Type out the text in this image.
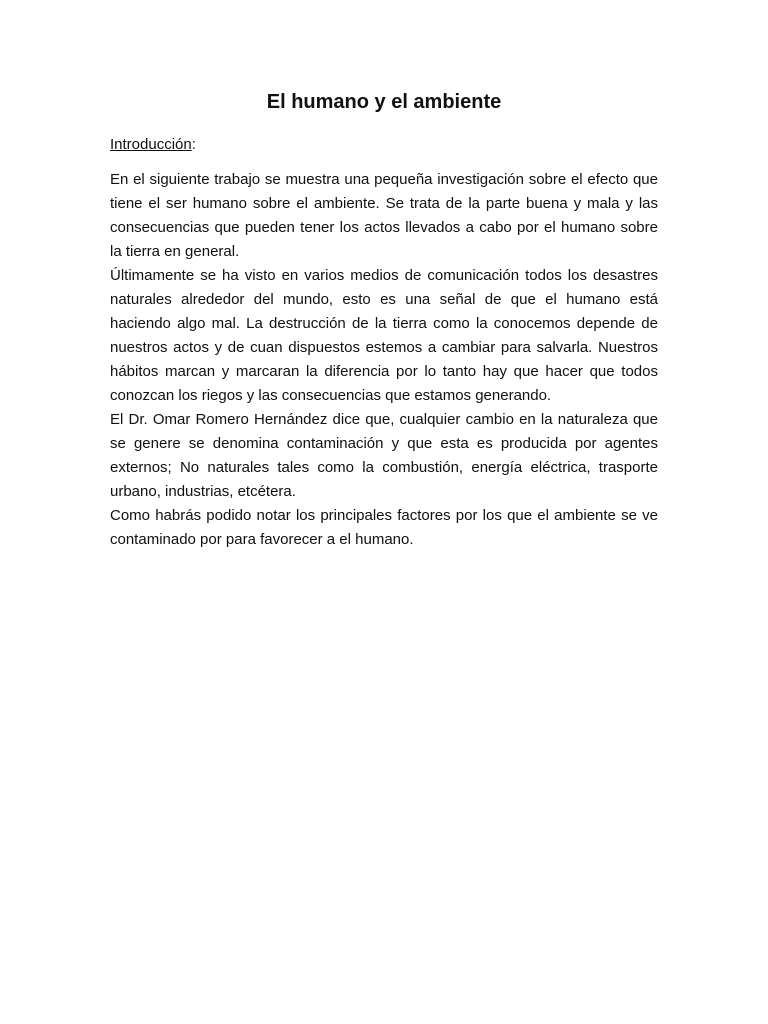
El humano y el ambiente
Introducción:

En el siguiente trabajo se muestra una pequeña investigación sobre el efecto que tiene el ser humano sobre el ambiente. Se trata de la parte buena y mala y las consecuencias que pueden tener los actos llevados a cabo por el humano sobre la tierra en general.

Últimamente se ha visto en varios medios de comunicación todos los desastres naturales alrededor del mundo, esto es una señal de que el humano está haciendo algo mal. La destrucción de la tierra como la conocemos depende de nuestros actos y de cuan dispuestos estemos a cambiar para salvarla. Nuestros hábitos marcan y marcaran la diferencia por lo tanto hay que hacer que todos conozcan los riegos y las consecuencias que estamos generando.

El Dr. Omar Romero Hernández dice que, cualquier cambio en la naturaleza que se genere se denomina contaminación y que esta es producida por agentes externos; No naturales tales como la combustión, energía eléctrica, trasporte urbano, industrias, etcétera.

Como habrás podido notar los principales factores por los que el ambiente se ve contaminado por para favorecer a el humano.
